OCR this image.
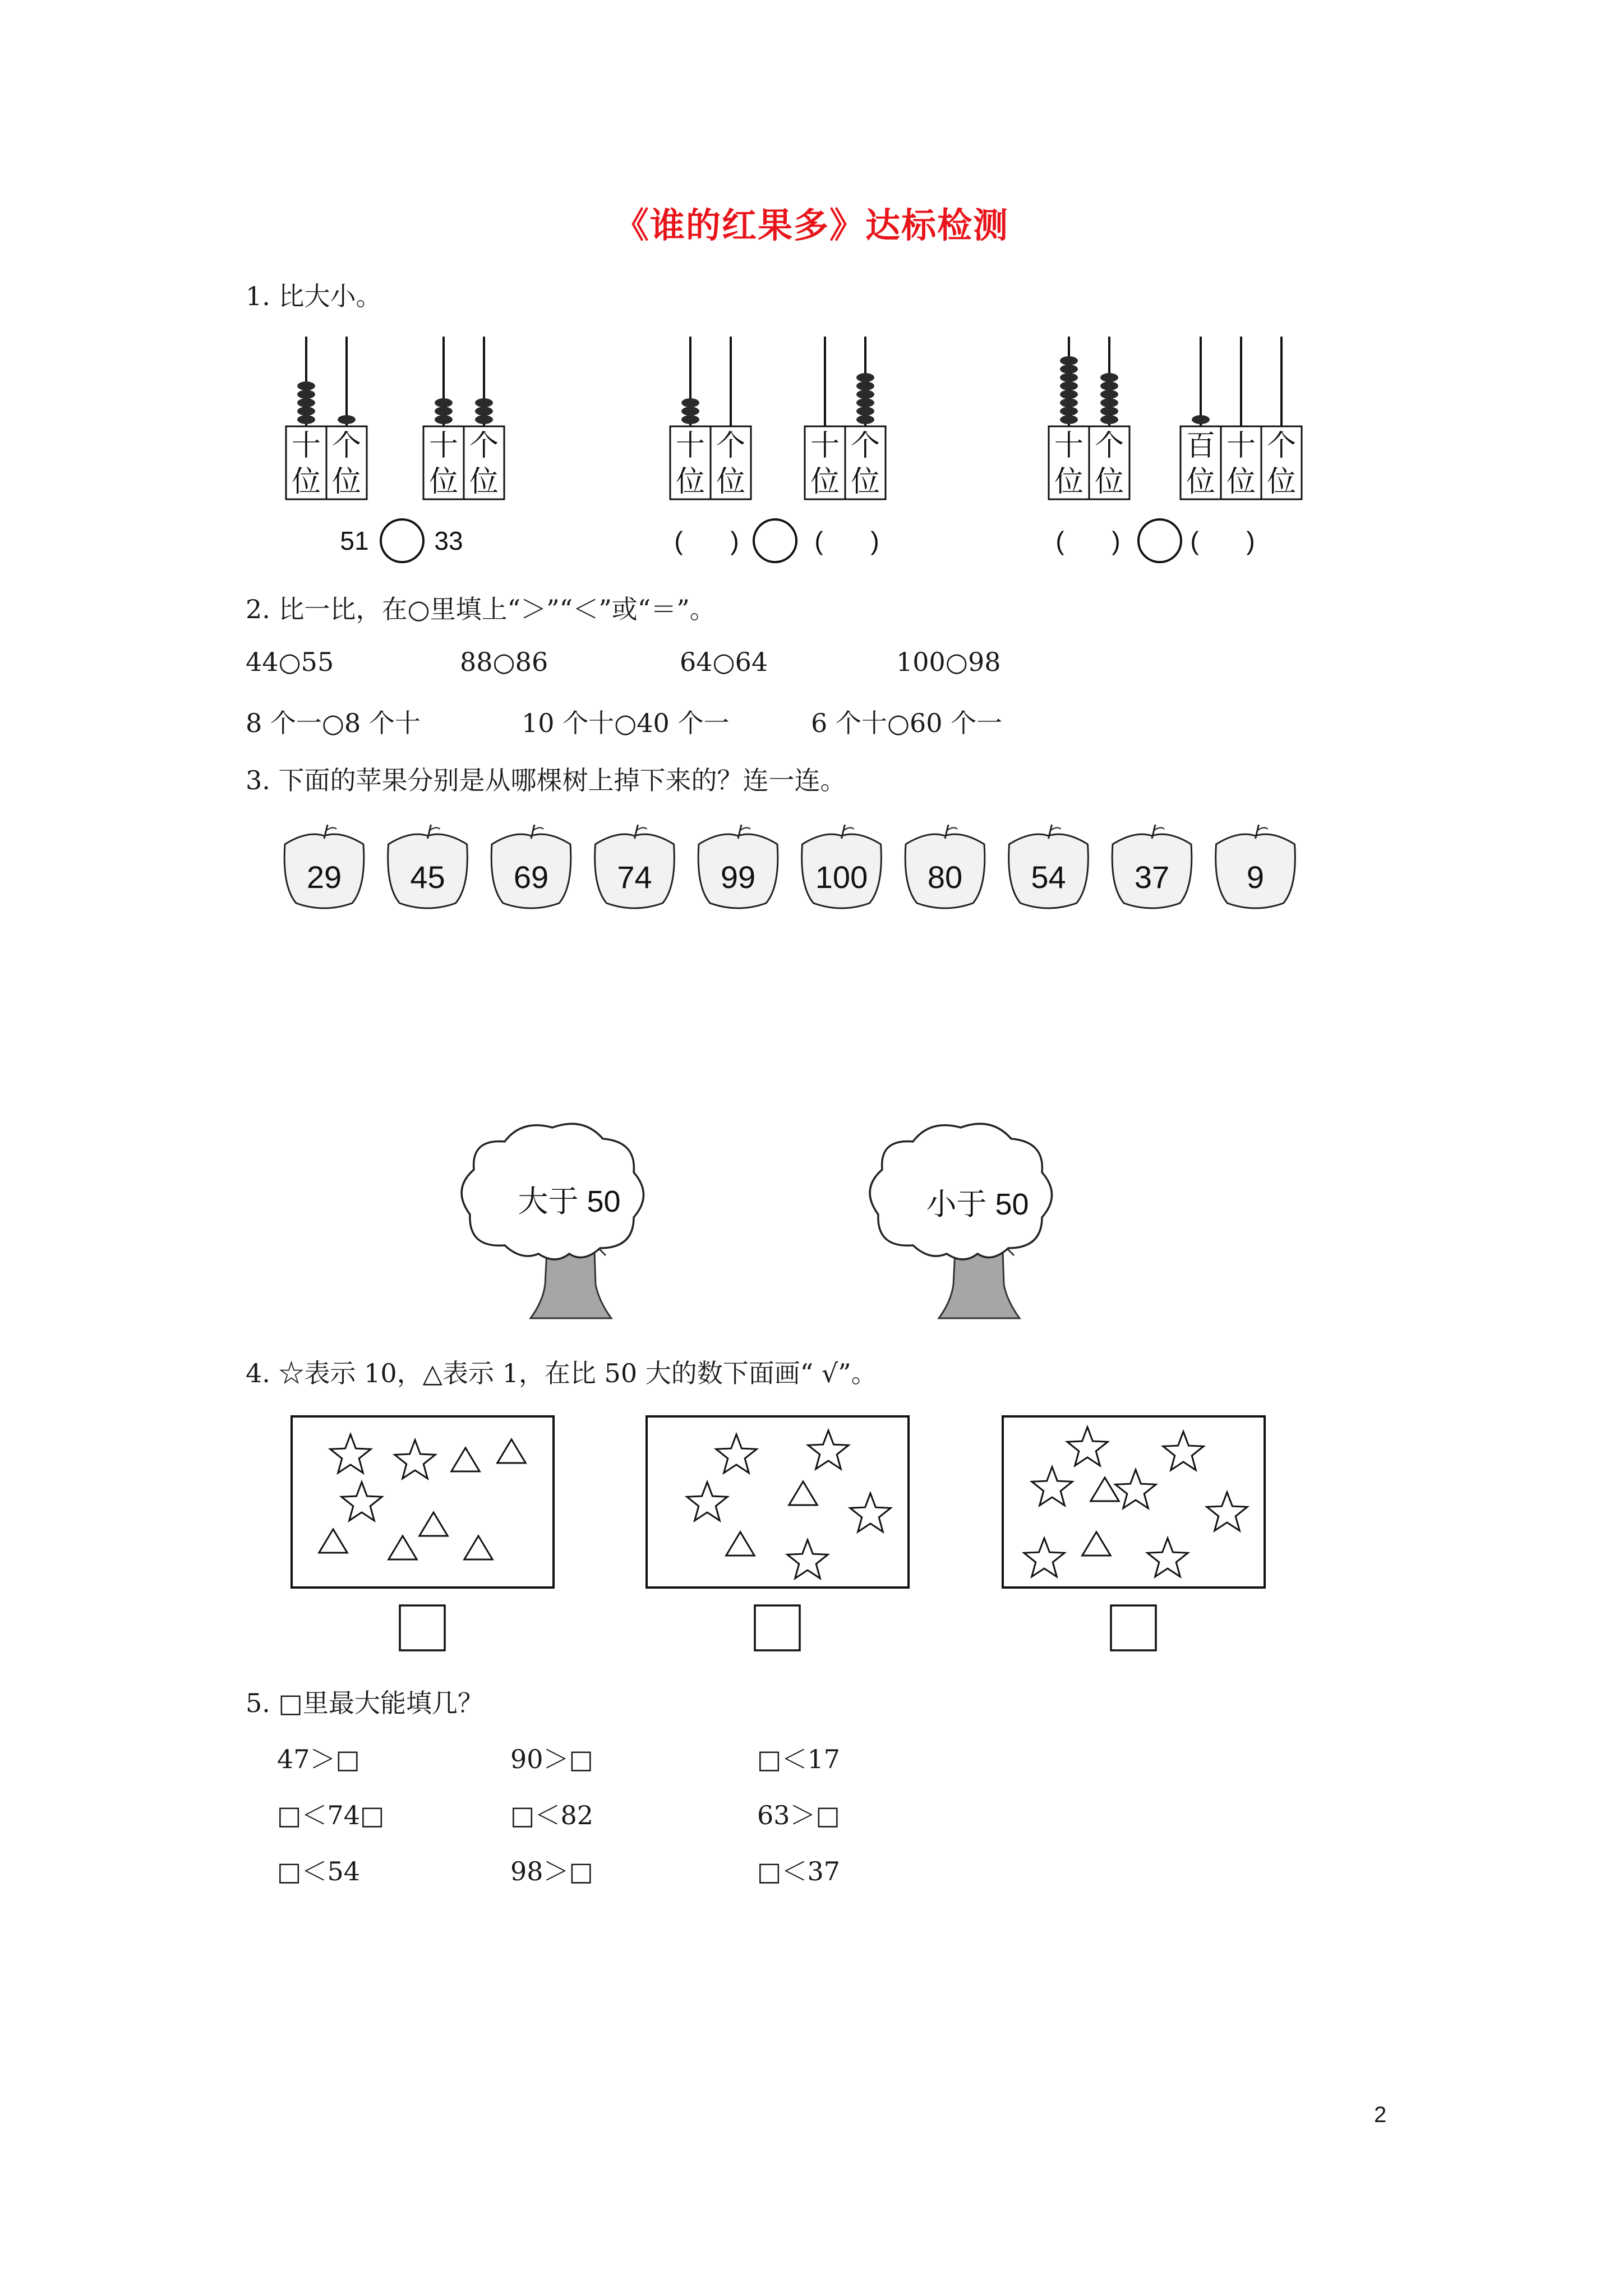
《谁的红果多》达标检测
1. 比大小。
十
位
个
位
十
位
个
位
十
位
个
位
十
位
个
位
十
位
个
位
百
位
十
位
个
位
51	33	( )	( )	( )	( )
2. 比一比，在○里填上“＞”“＜”或“＝”。
44○55	88○86	64○64	100○98
8 个一○8 个十	10 个十○40 个一	6 个十○60 个一
3. 下面的苹果分别是从哪棵树上掉下来的？连一连。
29 45 69 74 99 100 80 54 37 9
大于 50	小于 50
4. ☆表示 10，△表示 1，在比 50 大的数下面画“ √”。
5. □里最大能填几？
47＞□	90＞□	□＜17
□＜74□	□＜82	63＞□
□＜54	98＞□	□＜37
2
